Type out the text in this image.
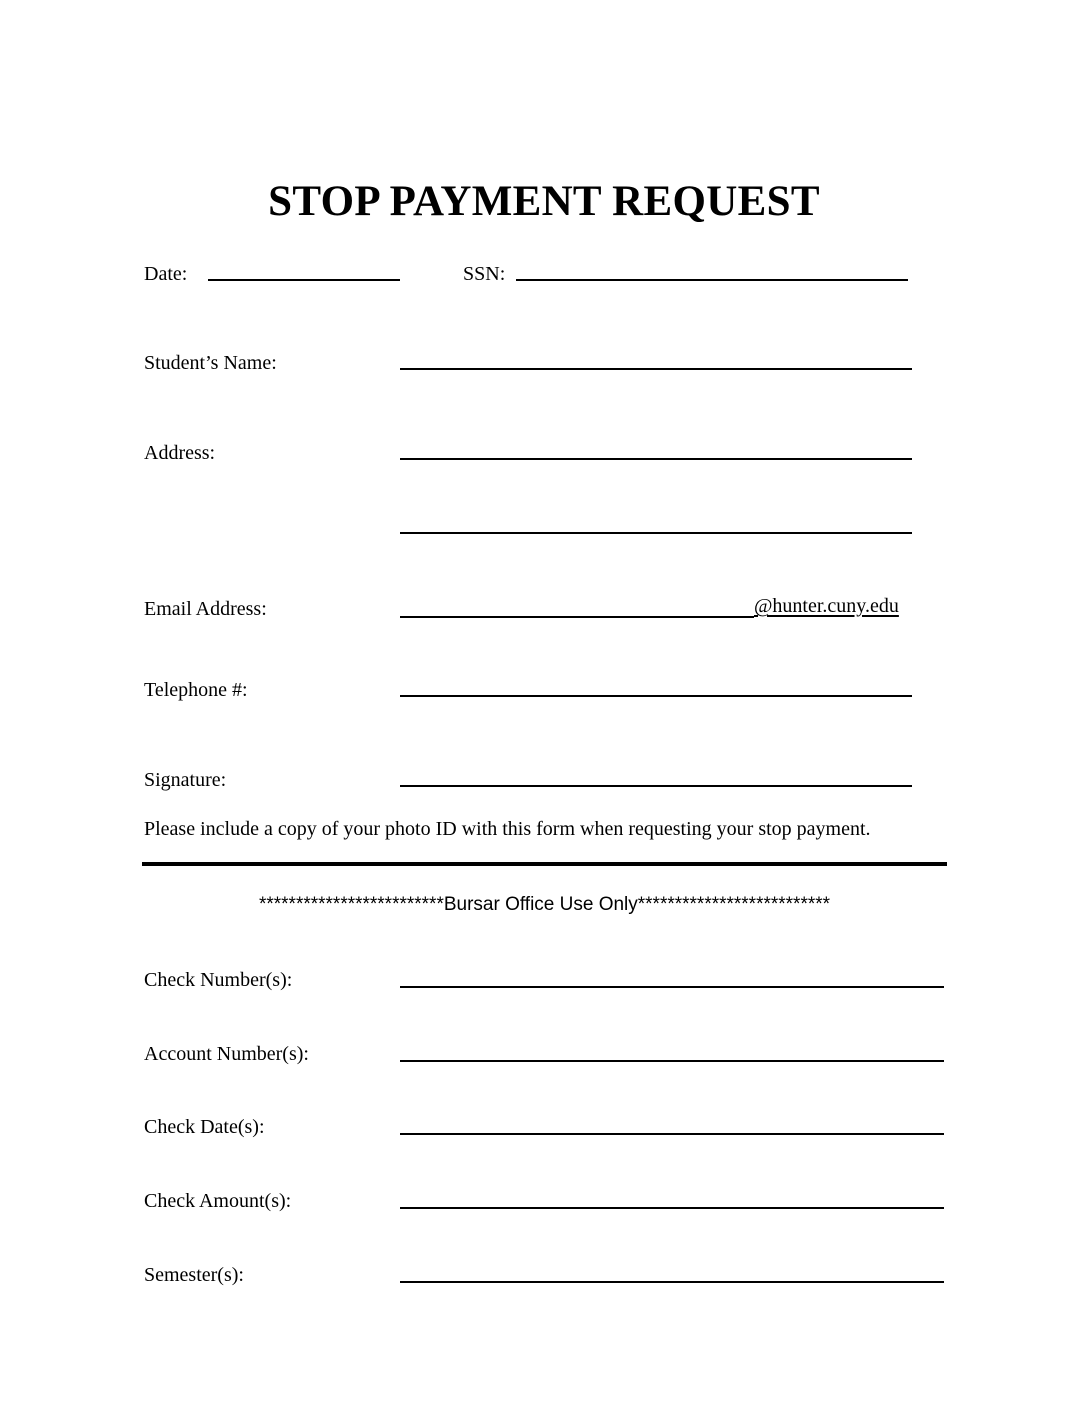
STOP PAYMENT REQUEST
Date:	SSN:
Student’s Name:
Address:
Email Address:	@hunter.cuny.edu
Telephone #:
Signature:
Please include a copy of your photo ID with this form when requesting your stop payment.
*************************Bursar Office Use Only**************************
Check Number(s):
Account Number(s):
Check Date(s):
Check Amount(s):
Semester(s):
